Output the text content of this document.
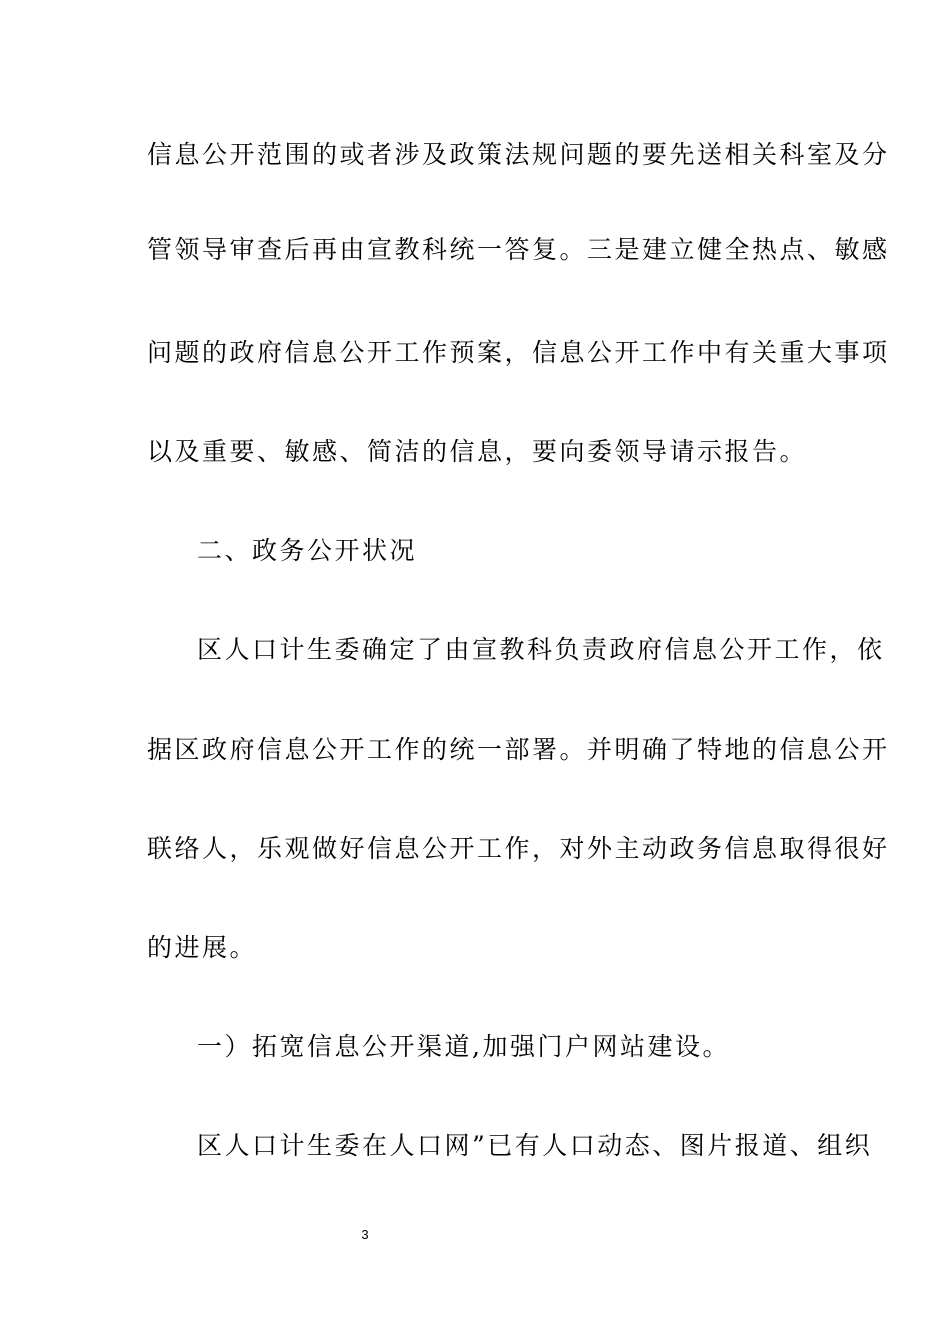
信息公开范围的或者涉及政策法规问题的要先送相关科室及分
管领导审查后再由宣教科统一答复。三是建立健全热点、敏感
问题的政府信息公开工作预案，信息公开工作中有关重大事项
以及重要、敏感、简洁的信息，要向委领导请示报告。
二、政务公开状况
区人口计生委确定了由宣教科负责政府信息公开工作，依
据区政府信息公开工作的统一部署。并明确了特地的信息公开
联络人，乐观做好信息公开工作，对外主动政务信息取得很好
的进展。
一）拓宽信息公开渠道,加强门户网站建设。
区人口计生委在人口网”已有人口动态、图片报道、组织
3
